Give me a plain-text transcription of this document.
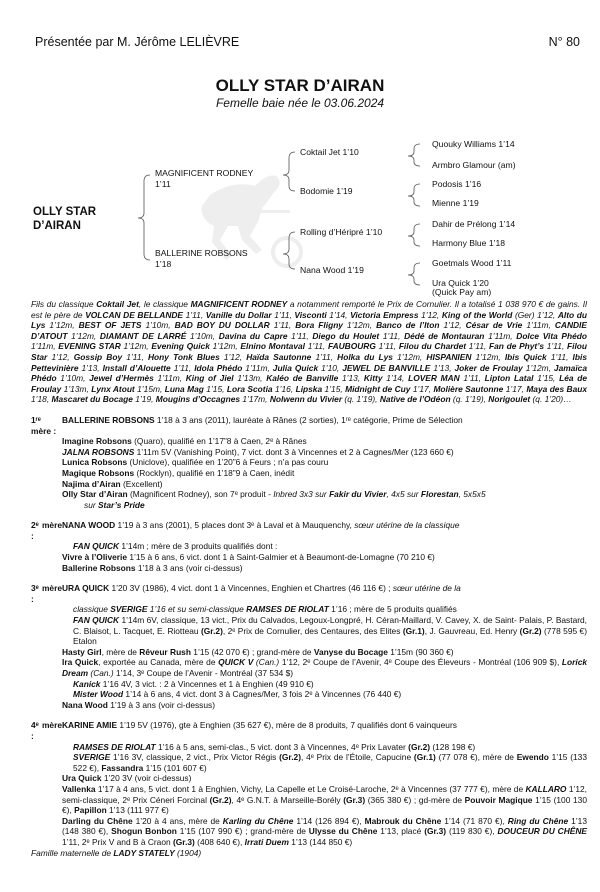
Présentée par M. Jérôme LELIÈVRE	N° 80
OLLY STAR D’AIRAN
Femelle baie née le 03.06.2024
OLLY STAR
D’AIRAN
MAGNIFICENT RODNEY
1’11
BALLERINE ROBSONS
1’18
Coktail Jet 1’10
Bodomie 1’19
Rolling d’Héripré 1’10
Nana Wood 1’19
Quouky Williams 1’14
Armbro Glamour (am)
Podosis 1’16
Mienne 1’19
Dahir de Prélong 1’14
Harmony Blue 1’18
Goetmals Wood 1’11
Ura Quick 1’20
(Quick Pay am)

Fils du classique Coktail Jet, le classique MAGNIFICENT RODNEY a notamment remporté le Prix de Cornulier. Il a totalisé 1 038 970 € de gains. Il est le père de VOLCAN DE BELLANDE 1’11, Vanille du Dollar 1’11, Visconti 1’14, Victoria Empress 1’12, King of the World (Ger) 1’12, Alto du Lys 1’12m, BEST OF JETS 1’10m, BAD BOY DU DOLLAR 1’11, Bora Fligny 1’12m, Banco de l’Iton 1’12, César de Vrie 1’11m, CANDIE D’ATOUT 1’12m, DIAMANT DE LARRÉ 1’10m, Davina du Capre 1’11, Diego du Houlet 1’11, Dédé de Montauran 1’11m, Dolce Vita Phédo 1’11m, EVENING STAR 1’12m, Evening Quick 1’12m, Elnino Montaval 1’11, FAUBOURG 1’11, Filou du Chardet 1’11, Fan de Phyt’s 1’11, Filou Star 1’12, Gossip Boy 1’11, Hony Tonk Blues 1’12, Haïda Sautonne 1’11, Holka du Lys 1’12m, HISPANIEN 1’12m, Ibis Quick 1’11, Ibis Pettevinière 1’13, Install d’Alouette 1’11, Idola Phédo 1’11m, Julia Quick 1’10, JEWEL DE BANVILLE 1’13, Joker de Froulay 1’12m, Jamaïca Phédo 1’10m, Jewel d’Hermès 1’11m, King of Jiel 1’13m, Kaléo de Banville 1’13, Kitty 1’14, LOVER MAN 1’11, Lipton Latal 1’15, Léa de Froulay 1’13m, Lynx Atout 1’15m, Luna Mag 1’15, Lora Scotia 1’16, Lipska 1’15, Midnight de Cuy 1’17, Molière Sautonne 1’17, Maya des Baux 1’18, Mascaret du Bocage 1’19, Mougins d’Occagnes 1’17m, Nolwenn du Vivier (q. 1’19), Native de l’Odéon (q. 1’19), Norigoulet (q. 1’20)…

1ʳᵉ mère :
BALLERINE ROBSONS 1’18 à 3 ans (2011), lauréate à Rânes (2 sorties), 1ʳᵉ catégorie, Prime de Sélection
Imagine Robsons (Quaro), qualifié en 1’17”8 à Caen, 2ᵉ à Rânes
JALNA ROBSONS 1’11m 5V (Vanishing Point), 7 vict. dont 3 à Vincennes et 2 à Cagnes/Mer (123 660 €)
Lunica Robsons (Uniclove), qualifiée en 1’20”6 à Feurs ; n’a pas couru
Magique Robsons (Rocklyn), qualifié en 1’18”9 à Caen, inédit
Najima d’Airan (Excellent)
Olly Star d’Airan (Magnificent Rodney), son 7ᵉ produit - Inbred 3x3 sur Fakir du Vivier, 4x5 sur Florestan, 5x5x5
sur Star’s Pride
2ᵉ mère :
NANA WOOD 1’19 à 3 ans (2001), 5 places dont 3ᵉ à Laval et à Mauquenchy, sœur utérine de la classique
FAN QUICK 1’14m ; mère de 3 produits qualifiés dont :
Vivre à l’Oliverie 1’15 à 6 ans, 6 vict. dont 1 à Saint-Galmier et à Beaumont-de-Lomagne (70 210 €)
Ballerine Robsons 1’18 à 3 ans (voir ci-dessus)
3ᵉ mère :
URA QUICK 1’20 3V (1986), 4 vict. dont 1 à Vincennes, Enghien et Chartres (46 116 €) ; sœur utérine de la
classique SVERIGE 1’16 et su semi-classique RAMSES DE RIOLAT 1’16 ; mère de 5 produits qualifiés
FAN QUICK 1’14m 6V, classique, 13 vict., Prix du Calvados, Legoux-Longpré, H. Céran-Maillard, V. Cavey, X. de Saint- Palais, P. Bastard, C. Blaisot, L. Tacquet, E. Riotteau (Gr.2), 2ᵉ Prix de Cornulier, des Centaures, des Elites (Gr.1), J. Gauvreau, Ed. Henry (Gr.2) (778 595 €) Etalon
Hasty Girl, mère de Rêveur Rush 1’15 (42 070 €) ; grand-mère de Vanyse du Bocage 1’15m (90 360 €)
Ira Quick, exportée au Canada, mère de QUICK V (Can.) 1’12, 2ᵉ Coupe de l’Avenir, 4ᵉ Coupe des Éleveurs - Montréal (106 909 $), Lorick Dream (Can.) 1’14, 3ᵉ Coupe de l’Avenir - Montréal (37 534 $)
Kanick 1’16 4V, 3 vict. : 2 à Vincennes et 1 à Enghien (49 910 €)
Mister Wood 1’14 à 6 ans, 4 vict. dont 3 à Cagnes/Mer, 3 fois 2ᵉ à Vincennes (76 440 €)
Nana Wood 1’19 à 3 ans (voir ci-dessus)
4ᵉ mère :
KARINE AMIE 1’19 5V (1976), gte à Enghien (35 627 €), mère de 8 produits, 7 qualifiés dont 6 vainqueurs
RAMSES DE RIOLAT 1’16 à 5 ans, semi-clas., 5 vict. dont 3 à Vincennes, 4ᵉ Prix Lavater (Gr.2) (128 198 €)
SVERIGE 1’16 3V, classique, 2 vict., Prix Victor Régis (Gr.2), 4ᵉ Prix de l’Étoile, Capucine (Gr.1) (77 078 €), mère de Ewendo 1’15 (133 522 €), Fassandra 1’15 (101 607 €)
Ura Quick 1’20 3V (voir ci-dessus)
Vallenka 1’17 à 4 ans, 5 vict. dont 1 à Enghien, Vichy, La Capelle et Le Croisé-Laroche, 2ᵉ à Vincennes (37 777 €), mère de KALLARO 1’12, semi-classique, 2ᵉ Prix Céneri Forcinal (Gr.2), 4ᵉ G.N.T. à Marseille-Borély (Gr.3) (365 380 €) ; gd-mère de Pouvoir Magique 1’15 (100 130 €), Papillon 1’13 (111 977 €)
Darling du Chêne 1’20 à 4 ans, mère de Karling du Chêne 1’14 (126 894 €), Mabrouk du Chêne 1’14 (71 870 €), Ring du Chêne 1’13 (148 380 €), Shogun Bonbon 1’15 (107 990 €) ; grand-mère de Ulysse du Chêne 1’13, placé (Gr.3) (119 830 €), DOUCEUR DU CHÊNE 1’11, 2ᵉ Prix V and B à Craon (Gr.3) (408 640 €), Irrati Duem 1’13 (144 850 €)

Famille maternelle de LADY STATELY (1904)
